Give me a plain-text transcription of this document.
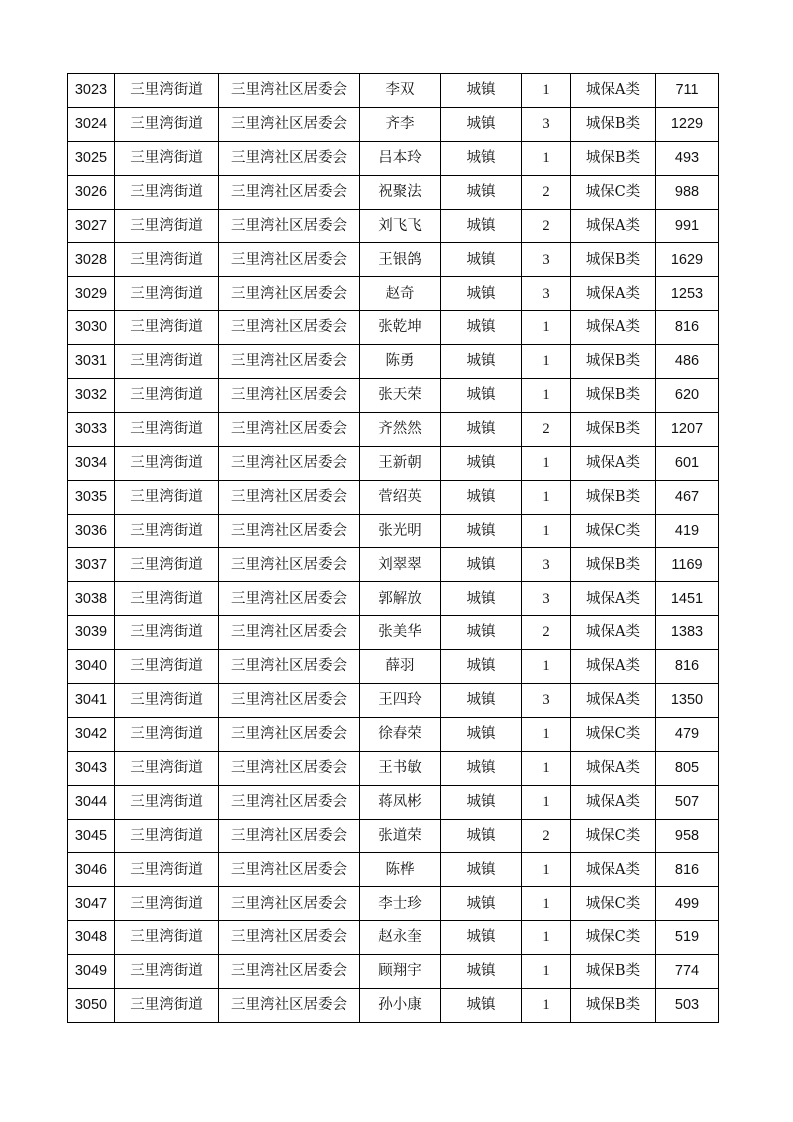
3023	三里湾街道	三里湾社区居委会	李双	城镇	1	城保A类	711
3024	三里湾街道	三里湾社区居委会	齐李	城镇	3	城保B类	1229
3025	三里湾街道	三里湾社区居委会	吕本玲	城镇	1	城保B类	493
3026	三里湾街道	三里湾社区居委会	祝聚法	城镇	2	城保C类	988
3027	三里湾街道	三里湾社区居委会	刘飞飞	城镇	2	城保A类	991
3028	三里湾街道	三里湾社区居委会	王银鸽	城镇	3	城保B类	1629
3029	三里湾街道	三里湾社区居委会	赵奇	城镇	3	城保A类	1253
3030	三里湾街道	三里湾社区居委会	张乾坤	城镇	1	城保A类	816
3031	三里湾街道	三里湾社区居委会	陈勇	城镇	1	城保B类	486
3032	三里湾街道	三里湾社区居委会	张天荣	城镇	1	城保B类	620
3033	三里湾街道	三里湾社区居委会	齐然然	城镇	2	城保B类	1207
3034	三里湾街道	三里湾社区居委会	王新朝	城镇	1	城保A类	601
3035	三里湾街道	三里湾社区居委会	菅绍英	城镇	1	城保B类	467
3036	三里湾街道	三里湾社区居委会	张光明	城镇	1	城保C类	419
3037	三里湾街道	三里湾社区居委会	刘翠翠	城镇	3	城保B类	1169
3038	三里湾街道	三里湾社区居委会	郭解放	城镇	3	城保A类	1451
3039	三里湾街道	三里湾社区居委会	张美华	城镇	2	城保A类	1383
3040	三里湾街道	三里湾社区居委会	薛羽	城镇	1	城保A类	816
3041	三里湾街道	三里湾社区居委会	王四玲	城镇	3	城保A类	1350
3042	三里湾街道	三里湾社区居委会	徐春荣	城镇	1	城保C类	479
3043	三里湾街道	三里湾社区居委会	王书敏	城镇	1	城保A类	805
3044	三里湾街道	三里湾社区居委会	蒋凤彬	城镇	1	城保A类	507
3045	三里湾街道	三里湾社区居委会	张道荣	城镇	2	城保C类	958
3046	三里湾街道	三里湾社区居委会	陈桦	城镇	1	城保A类	816
3047	三里湾街道	三里湾社区居委会	李士珍	城镇	1	城保C类	499
3048	三里湾街道	三里湾社区居委会	赵永奎	城镇	1	城保C类	519
3049	三里湾街道	三里湾社区居委会	顾翔宇	城镇	1	城保B类	774
3050	三里湾街道	三里湾社区居委会	孙小康	城镇	1	城保B类	503
